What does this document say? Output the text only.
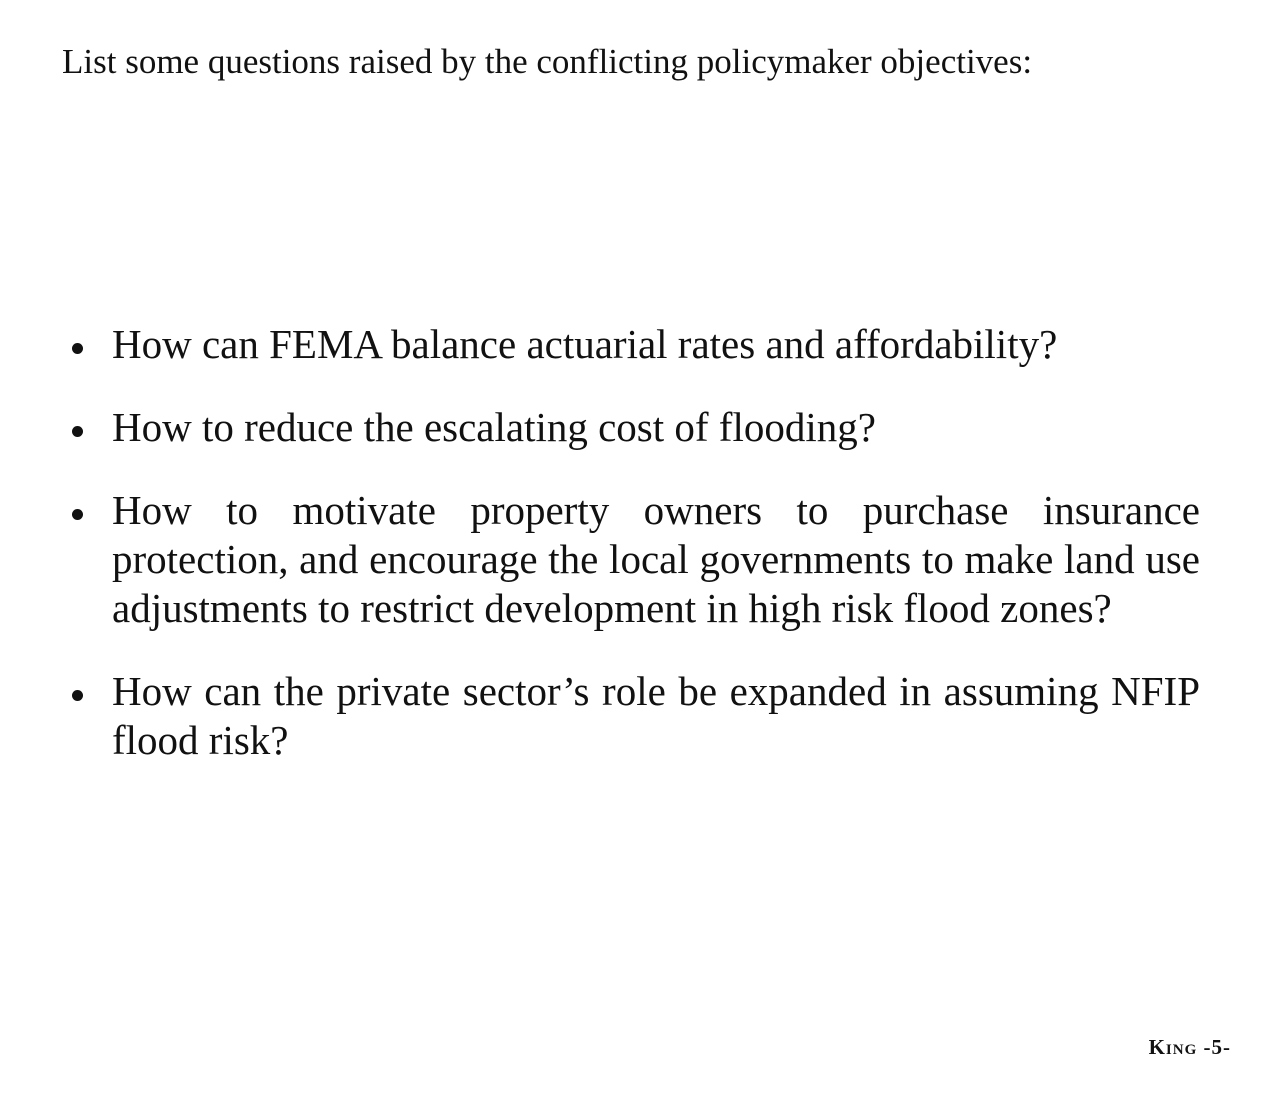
List some questions raised by the conflicting policymaker objectives:
How can FEMA balance actuarial rates and affordability?
How to reduce the escalating cost of flooding?
How to motivate property owners to purchase insurance protection, and encourage the local governments to make land use adjustments to restrict development in high risk flood zones?
How can the private sector’s role be expanded in assuming NFIP flood risk?
King -5-
